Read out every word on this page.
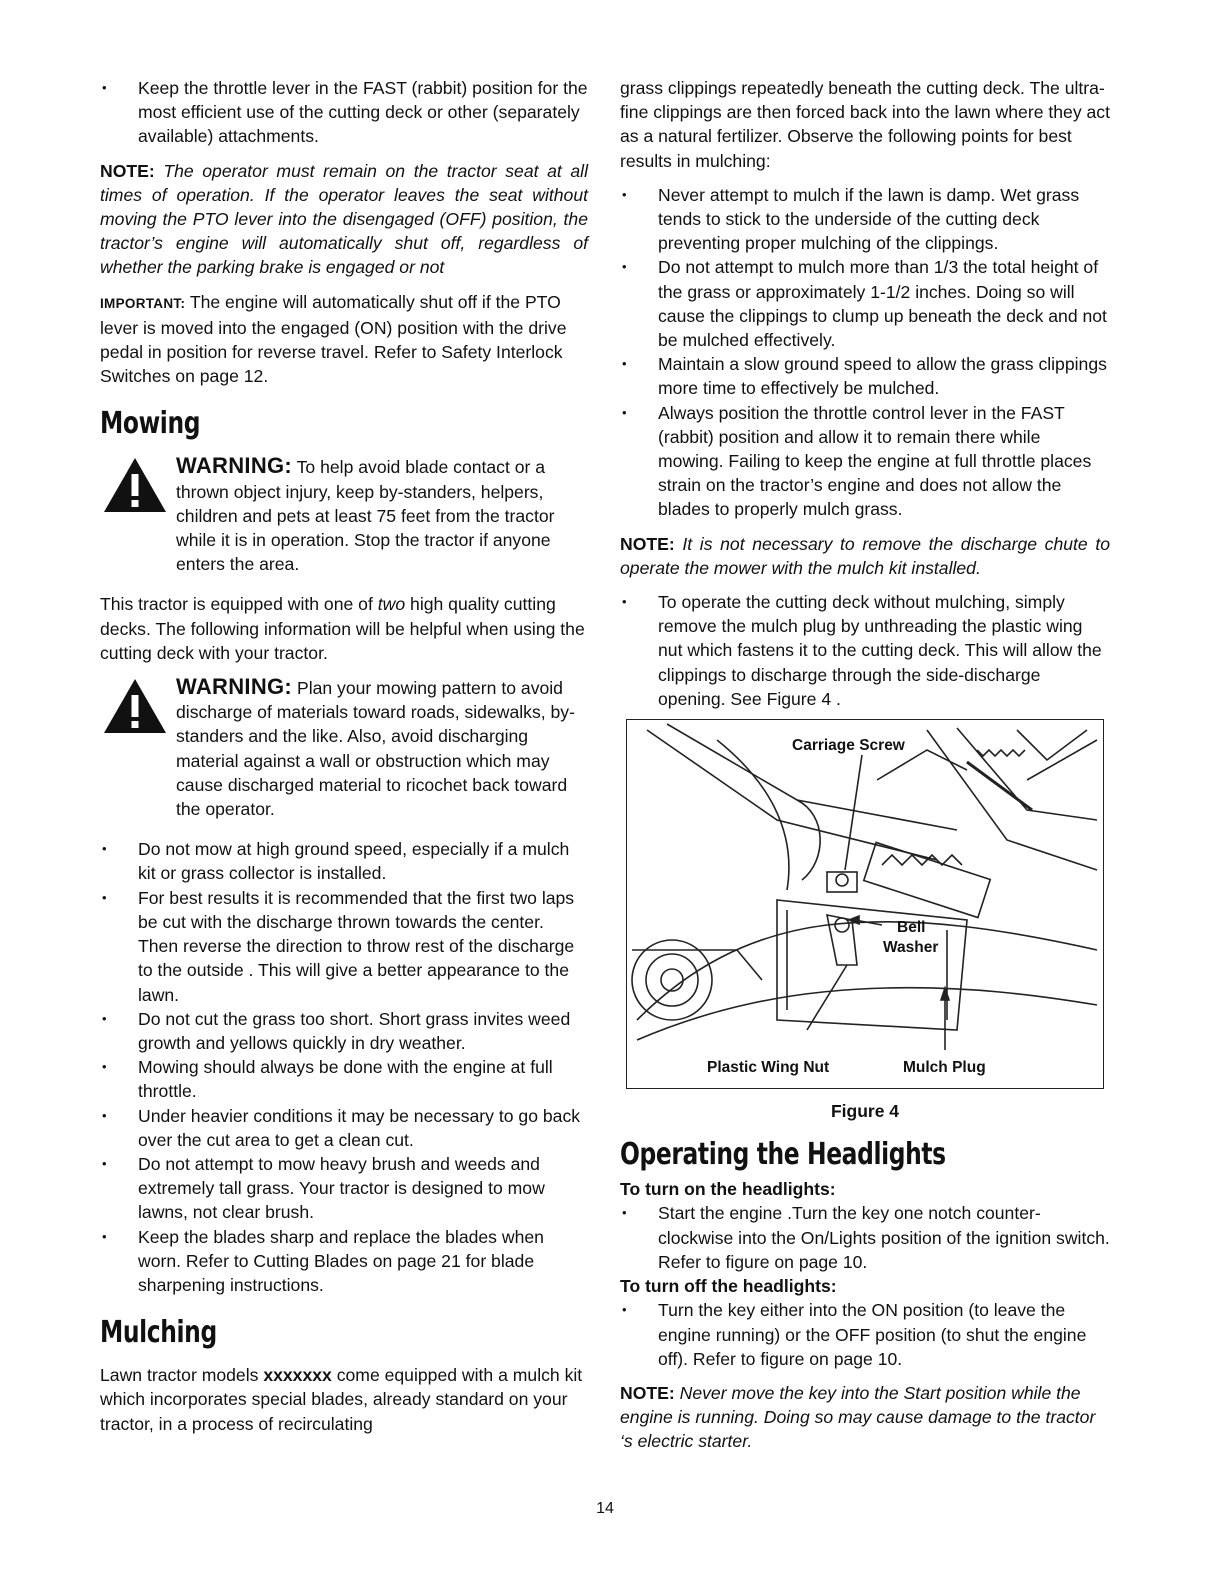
• Keep the throttle lever in the FAST (rabbit) position for the most efficient use of the cutting deck or other (separately available) attachments.

NOTE: The operator must remain on the tractor seat at all times of operation. If the operator leaves the seat without moving the PTO lever into the disengaged (OFF) position, the tractor’s engine will automatically shut off, regardless of whether the parking brake is engaged or not

IMPORTANT: The engine will automatically shut off if the PTO lever is moved into the engaged (ON) position with the drive pedal in position for reverse travel. Refer to Safety Interlock Switches on page 12.

Mowing
WARNING: To help avoid blade contact or a thrown object injury, keep by-standers, helpers, children and pets at least 75 feet from the tractor while it is in operation. Stop the tractor if anyone enters the area.

This tractor is equipped with one of two high quality cutting decks. The following information will be helpful when using the cutting deck with your tractor.

WARNING: Plan your mowing pattern to avoid discharge of materials toward roads, sidewalks, by-standers and the like. Also, avoid discharging material against a wall or obstruction which may cause discharged material to ricochet back toward the operator.
• Do not mow at high ground speed, especially if a mulch kit or grass collector is installed.
• For best results it is recommended that the first two laps be cut with the discharge thrown towards the center. Then reverse the direction to throw rest of the discharge to the outside . This will give a better appearance to the lawn.
• Do not cut the grass too short. Short grass invites weed growth and yellows quickly in dry weather.
• Mowing should always be done with the engine at full throttle.
• Under heavier conditions it may be necessary to go back over the cut area to get a clean cut.
• Do not attempt to mow heavy brush and weeds and extremely tall grass. Your tractor is designed to mow lawns, not clear brush.
• Keep the blades sharp and replace the blades when worn. Refer to Cutting Blades on page 21 for blade sharpening instructions.
Mulching

Lawn tractor models xxxxxxx come equipped with a mulch kit which incorporates special blades, already standard on your tractor, in a process of recirculating

grass clippings repeatedly beneath the cutting deck. The ultra-fine clippings are then forced back into the lawn where they act as a natural fertilizer. Observe the following points for best results in mulching:

• Never attempt to mulch if the lawn is damp. Wet grass tends to stick to the underside of the cutting deck preventing proper mulching of the clippings.
• Do not attempt to mulch more than 1/3 the total height of the grass or approximately 1-1/2 inches. Doing so will cause the clippings to clump up beneath the deck and not be mulched effectively.
• Maintain a slow ground speed to allow the grass clippings more time to effectively be mulched.
• Always position the throttle control lever in the FAST (rabbit) position and allow it to remain there while mowing. Failing to keep the engine at full throttle places strain on the tractor’s engine and does not allow the blades to properly mulch grass.

NOTE: It is not necessary to remove the discharge chute to operate the mower with the mulch kit installed.

• To operate the cutting deck without mulching, simply remove the mulch plug by unthreading the plastic wing nut which fastens it to the cutting deck. This will allow the clippings to discharge through the side-discharge opening. See Figure 4 .
Carriage Screw
Bell
Washer
Plastic Wing Nut	Mulch Plug
Figure 4
Operating the Headlights

To turn on the headlights:

• Start the engine .Turn the key one notch counter-clockwise into the On/Lights position of the ignition switch. Refer to figure on page 10.

To turn off the headlights:

• Turn the key either into the ON position (to leave the engine running) or the OFF position (to shut the engine off). Refer to figure on page 10.

NOTE: Never move the key into the Start position while the engine is running. Doing so may cause damage to the tractor ‘s electric starter.

14
